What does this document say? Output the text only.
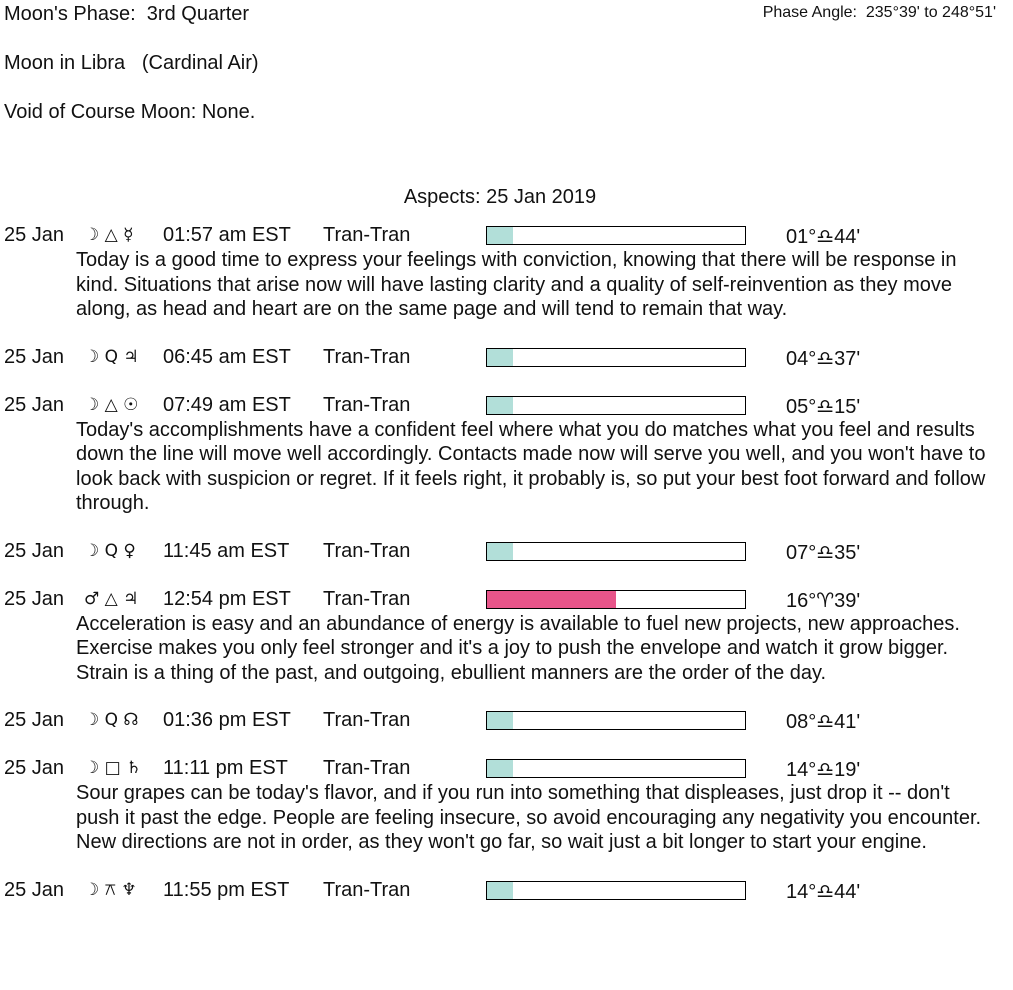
Moon's Phase: 3rd Quarter	Phase Angle: 235°39' to 248°51'
Moon in Libra (Cardinal Air)
Void of Course Moon: None.
Aspects: 25 Jan 2019
25 Jan ☽ △ ☿ 01:57 am EST Tran-Tran	01°♎44'
Today is a good time to express your feelings with conviction, knowing that there will be response in kind. Situations that arise now will have lasting clarity and a quality of self-reinvention as they move along, as head and heart are on the same page and will tend to remain that way.
25 Jan ☽ Q ♃ 06:45 am EST Tran-Tran	04°♎37'
25 Jan ☽ △ ☉ 07:49 am EST Tran-Tran	05°♎15'
Today's accomplishments have a confident feel where what you do matches what you feel and results down the line will move well accordingly. Contacts made now will serve you well, and you won't have to look back with suspicion or regret. If it feels right, it probably is, so put your best foot forward and follow through.
25 Jan ☽ Q ♀ 11:45 am EST Tran-Tran	07°♎35'
25 Jan ♂ △ ♃ 12:54 pm EST Tran-Tran	16°♈39'
Acceleration is easy and an abundance of energy is available to fuel new projects, new approaches. Exercise makes you only feel stronger and it's a joy to push the envelope and watch it grow bigger. Strain is a thing of the past, and outgoing, ebullient manners are the order of the day.
25 Jan ☽ Q ☊ 01:36 pm EST Tran-Tran	08°♎41'
25 Jan ☽ □ ♄ 11:11 pm EST Tran-Tran	14°♎19'
Sour grapes can be today's flavor, and if you run into something that displeases, just drop it -- don't push it past the edge. People are feeling insecure, so avoid encouraging any negativity you encounter. New directions are not in order, as they won't go far, so wait just a bit longer to start your engine.
25 Jan ☽ ⚻ ♆ 11:55 pm EST Tran-Tran	14°♎44'
